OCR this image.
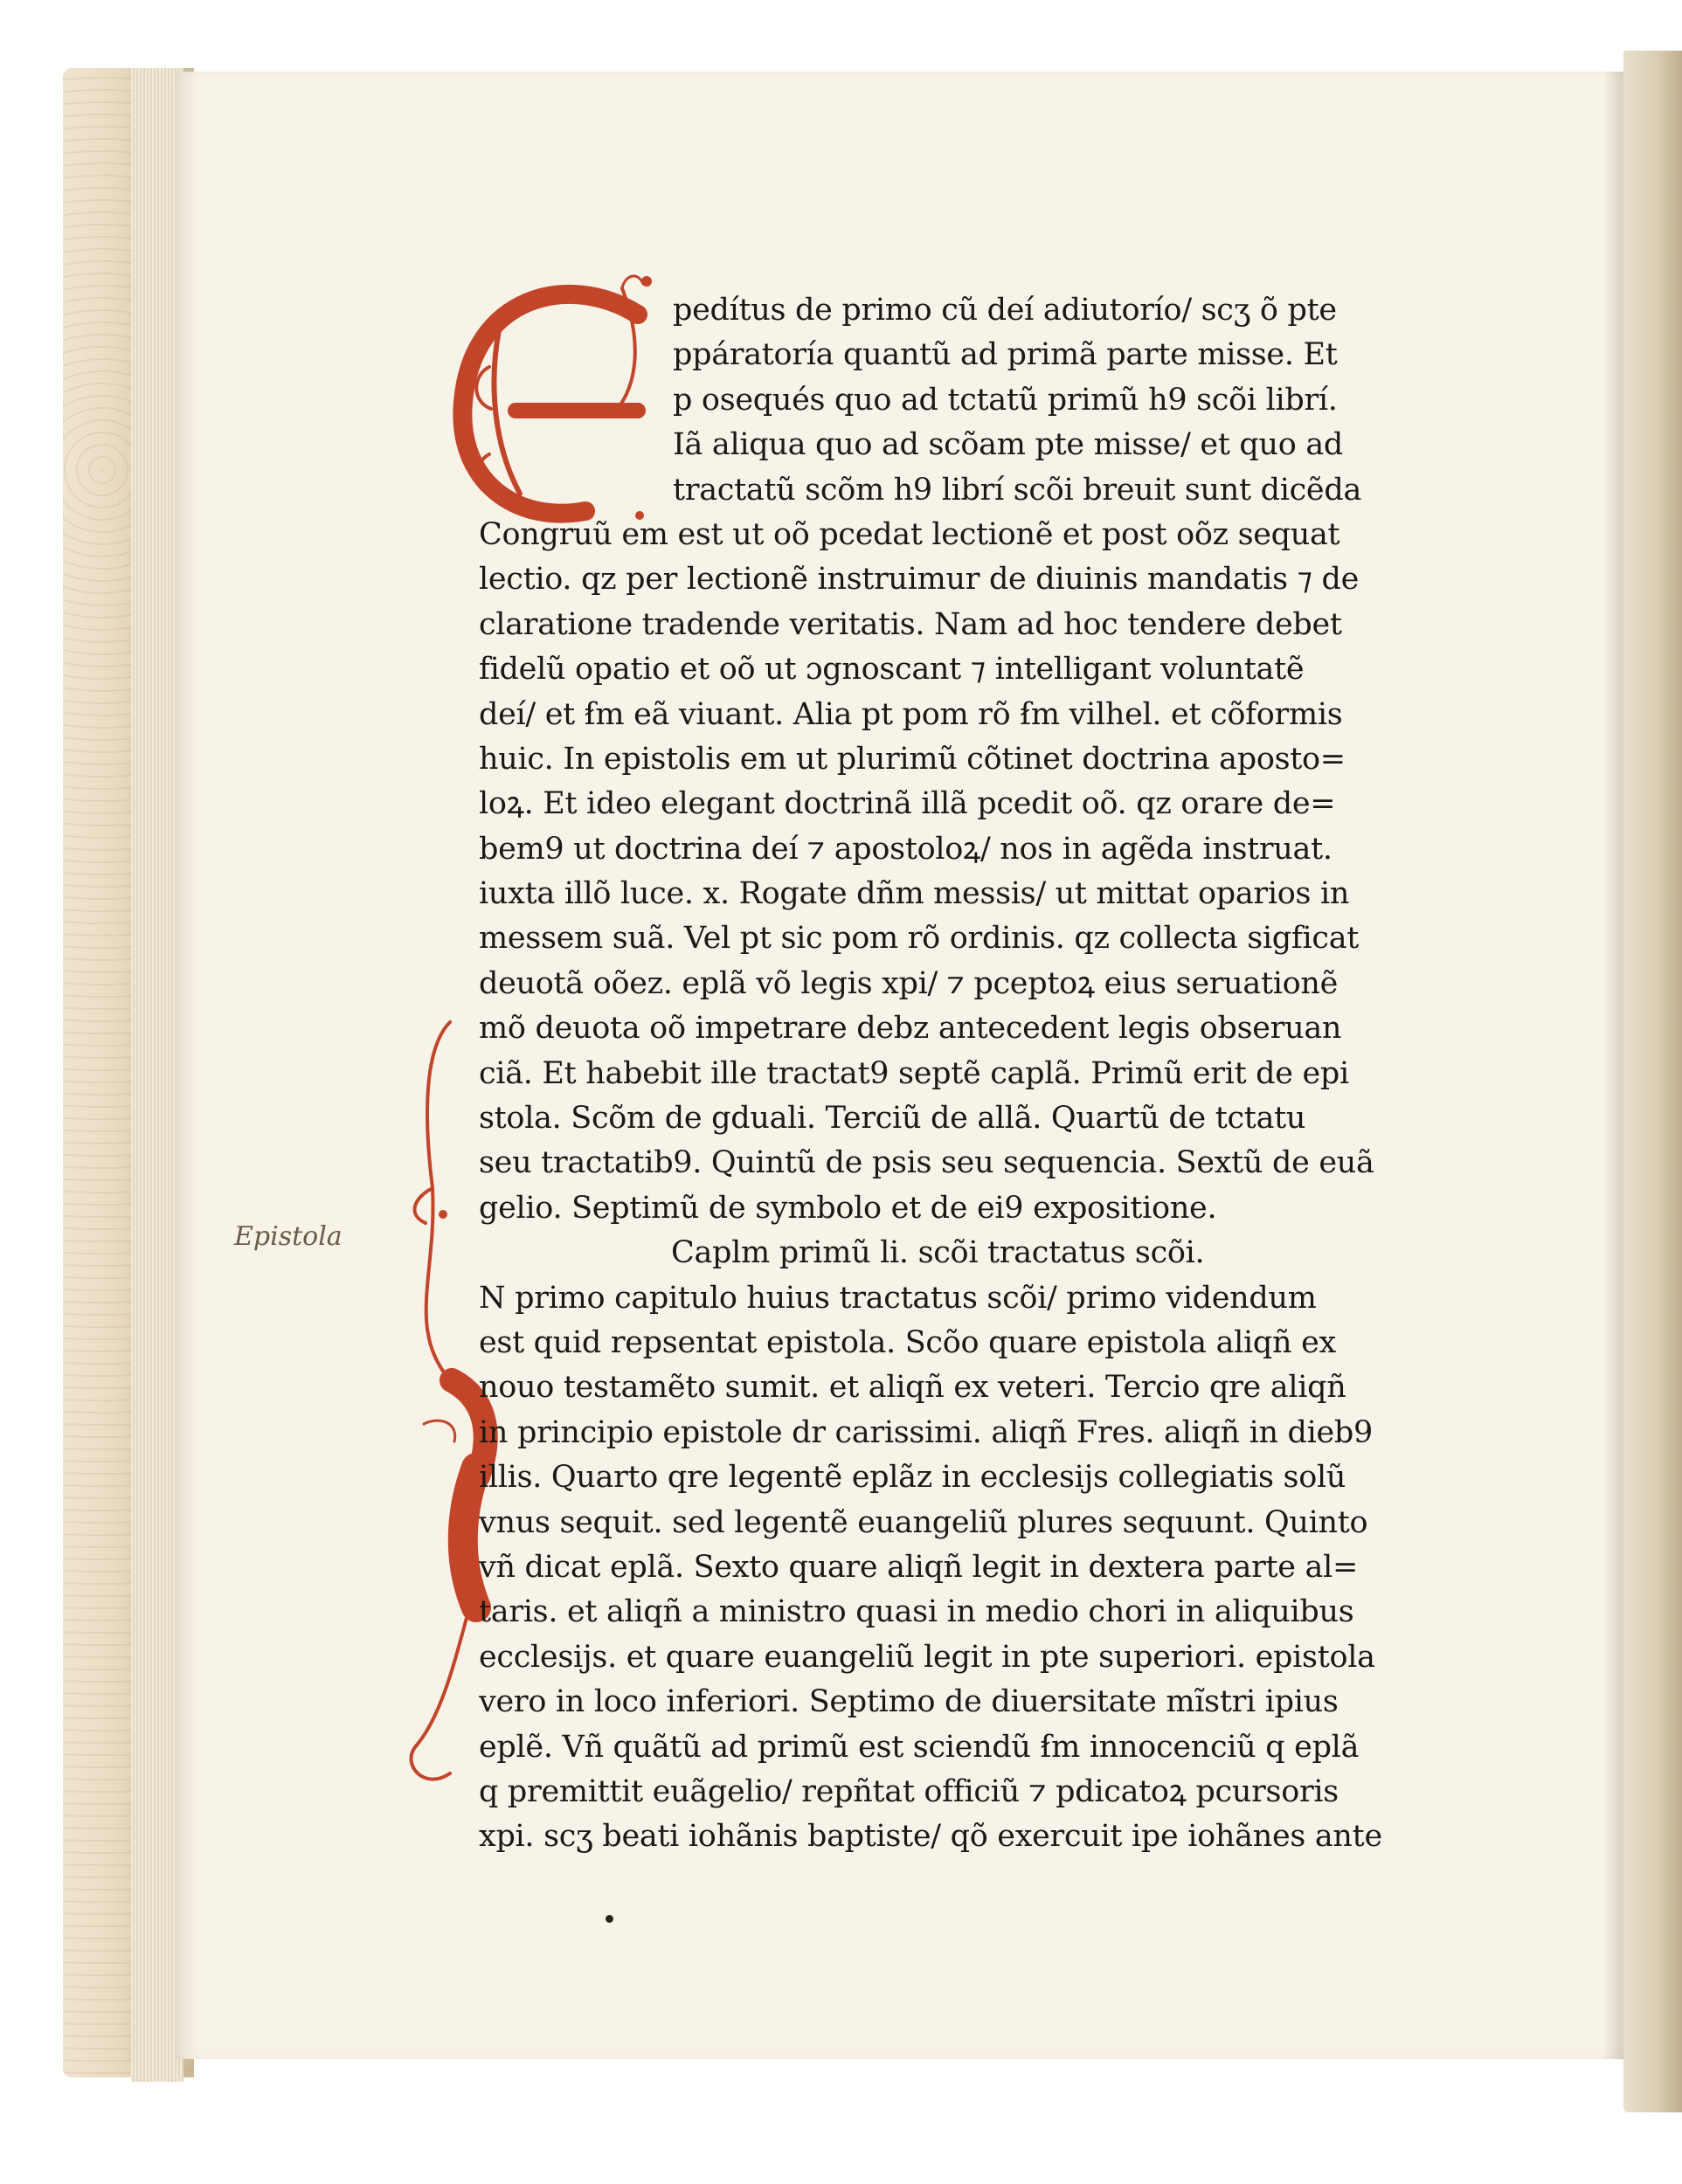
Epistola
pedítus de primo cũ deí adiutorío/ scʒ õ pte
ppáratoría quantũ ad primã parte misse. Et
p osequés quo ad tctatũ primũ h9 scõi librí.
Iã aliqua quo ad scõam pte misse/ et quo ad
tractatũ scõm h9 librí scõi breuit sunt dicẽda
Congruũ em est ut oõ pcedat lectionẽ et post oõz sequat
lectio. qz per lectionẽ instruimur de diuinis mandatis ⁊ de
claratione tradende veritatis. Nam ad hoc tendere debet
fidelũ opatio et oõ ut ɔgnoscant ⁊ intelligant voluntatẽ
deí/ et ẜm eã viuant. Alia pt pom rõ ẜm vilhel. et cõformis
huic. In epistolis em ut plurimũ cõtinet doctrina aposto=
loꝝ. Et ideo elegant doctrinã illã pcedit oõ. qz orare de=
bem9 ut doctrina deí ⁊ apostoloꝝ/ nos in agẽda instruat.
iuxta illõ luce. x. Rogate dñm messis/ ut mittat oparios in
messem suã. Vel pt sic pom rõ ordinis. qz collecta sigficat
deuotã oõez. eplã võ legis xpi/ ⁊ pceptoꝝ eius seruationẽ
mõ deuota oõ impetrare debz antecedent legis obseruan
ciã. Et habebit ille tractat9 septẽ caplã. Primũ erit de epi
stola. Scõm de gduali. Terciũ de allã. Quartũ de tctatu
seu tractatib9. Quintũ de psis seu sequencia. Sextũ de euã
gelio. Septimũ de symbolo et de ei9 expositione.
Caplm primũ li. scõi tractatus scõi.
N primo capitulo huius tractatus scõi/ primo videndum
est quid repsentat epistola. Scõo quare epistola aliqñ ex
nouo testamẽto sumit. et aliqñ ex veteri. Tercio qre aliqñ
in principio epistole dr carissimi. aliqñ Fres. aliqñ in dieb9
illis. Quarto qre legentẽ eplãz in ecclesijs collegiatis solũ
vnus sequit. sed legentẽ euangeliũ plures sequunt. Quinto
vñ dicat eplã. Sexto quare aliqñ legit in dextera parte al=
taris. et aliqñ a ministro quasi in medio chori in aliquibus
ecclesijs. et quare euangeliũ legit in pte superiori. epistola
vero in loco inferiori. Septimo de diuersitate mĩstri ipius
eplẽ. Vñ quãtũ ad primũ est sciendũ ẜm innocenciũ q eplã
q premittit euãgelio/ repñtat officiũ ⁊ pdicatoꝝ pcursoris
xpi. scʒ beati iohãnis baptiste/ qõ exercuit ipe iohãnes ante
